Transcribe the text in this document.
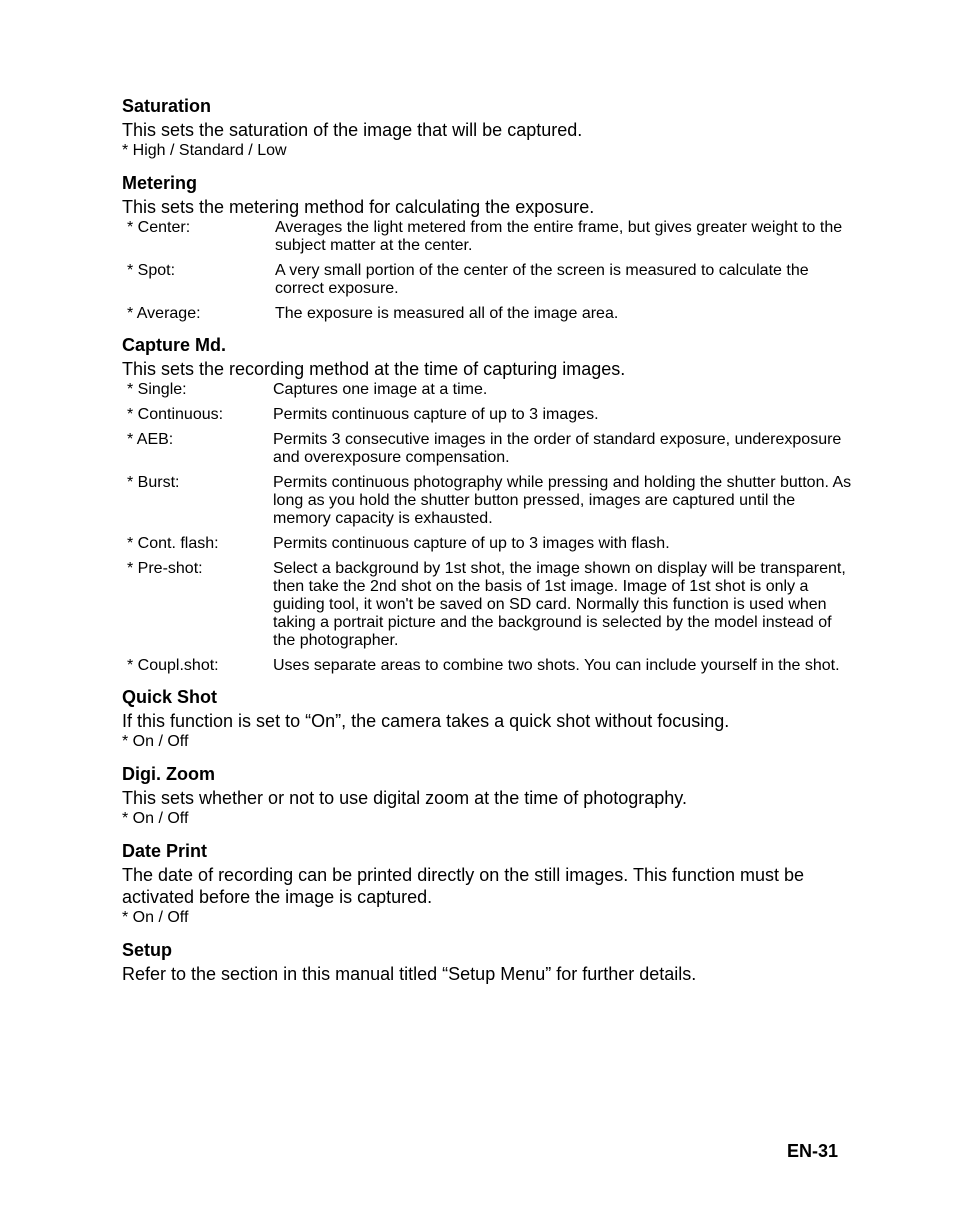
Saturation
This sets the saturation of the image that will be captured.
* High / Standard / Low
Metering
This sets the metering method for calculating the exposure.
* Center:	Averages the light metered from the entire frame, but gives greater weight to the subject matter at the center.
* Spot:	A very small portion of the center of the screen is measured to calculate the correct exposure.
* Average:	The exposure is measured all of the image area.
Capture Md.
This sets the recording method at the time of capturing images.
* Single:	Captures one image at a time.
* Continuous:	Permits continuous capture of up to 3 images.
* AEB:	Permits 3 consecutive images in the order of standard exposure, underexposure and overexposure compensation.
* Burst:	Permits continuous photography while pressing and holding the shutter button. As long as you hold the shutter button pressed, images are captured until the memory capacity is exhausted.
* Cont. flash:	Permits continuous capture of up to 3 images with flash.
* Pre-shot:	Select a background by 1st shot, the image shown on display will be transparent, then take the 2nd shot on the basis of 1st image. Image of 1st shot is only a guiding tool, it won't be saved on SD card. Normally this function is used when taking a portrait picture and the background is selected by the model instead of the photographer.
* Coupl.shot:	Uses separate areas to combine two shots. You can include yourself in the shot.
Quick Shot
If this function is set to “On”, the camera takes a quick shot without focusing.
* On / Off
Digi. Zoom
This sets whether or not to use digital zoom at the time of photography.
* On / Off
Date Print
The date of recording can be printed directly on the still images. This function must be activated before the image is captured.
* On / Off
Setup
Refer to the section in this manual titled “Setup Menu” for further details.
EN-31
